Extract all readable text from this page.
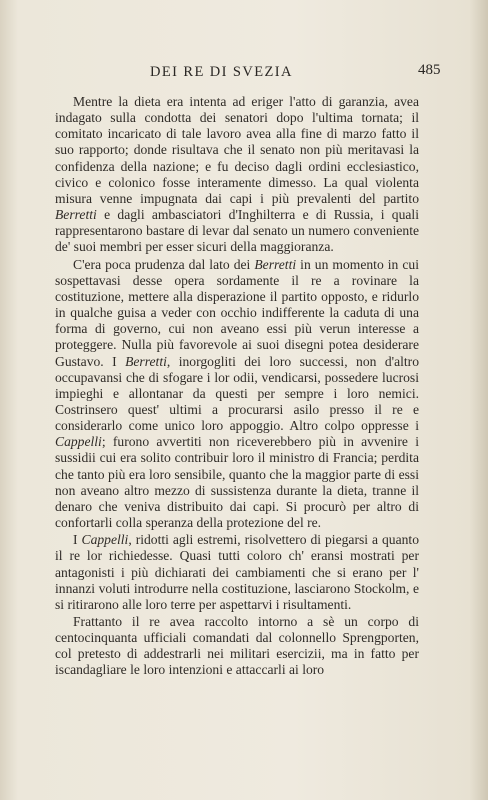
DEI RE DI SVEZIA	485

Mentre la dieta era intenta ad eriger l'atto di garanzia, avea indagato sulla condotta dei senatori dopo l'ultima tornata; il comitato incaricato di tale lavoro avea alla fine di marzo fatto il suo rapporto; donde risultava che il senato non più meritavasi la confidenza della nazione; e fu deciso dagli ordini ecclesiastico, civico e colonico fosse interamente dimesso. La qual violenta misura venne impugnata dai capi i più prevalenti del partito Berretti e dagli ambasciatori d'Inghilterra e di Russia, i quali rappresentarono bastare di levar dal senato un numero conveniente de' suoi membri per esser sicuri della maggioranza.

C'era poca prudenza dal lato dei Berretti in un momento in cui sospettavasi desse opera sordamente il re a rovinare la costituzione, mettere alla disperazione il partito opposto, e ridurlo in qualche guisa a veder con occhio indifferente la caduta di una forma di governo, cui non aveano essi più verun interesse a proteggere. Nulla più favorevole ai suoi disegni potea desiderare Gustavo. I Berretti, inorgogliti dei loro successi, non d'altro occupavansi che di sfogare i lor odii, vendicarsi, possedere lucrosi impieghi e allontanar da questi per sempre i loro nemici. Costrinsero quest' ultimi a procurarsi asilo presso il re e considerarlo come unico loro appoggio. Altro colpo oppresse i Cappelli; furono avvertiti non riceverebbero più in avvenire i sussidii cui era solito contribuir loro il ministro di Francia; perdita che tanto più era loro sensibile, quanto che la maggior parte di essi non aveano altro mezzo di sussistenza durante la dieta, tranne il denaro che veniva distribuito dai capi. Si procurò per altro di confortarli colla speranza della protezione del re.

I Cappelli, ridotti agli estremi, risolvettero di piegarsi a quanto il re lor richiedesse. Quasi tutti coloro ch' eransi mostrati per antagonisti i più dichiarati dei cambiamenti che si erano per l' innanzi voluti introdurre nella costituzione, lasciarono Stockolm, e si ritirarono alle loro terre per aspettarvi i risultamenti.

Frattanto il re avea raccolto intorno a sè un corpo di centocinquanta ufficiali comandati dal colonnello Sprengporten, col pretesto di addestrarli nei militari esercizii, ma in fatto per iscandagliare le loro intenzioni e attaccarli ai loro
